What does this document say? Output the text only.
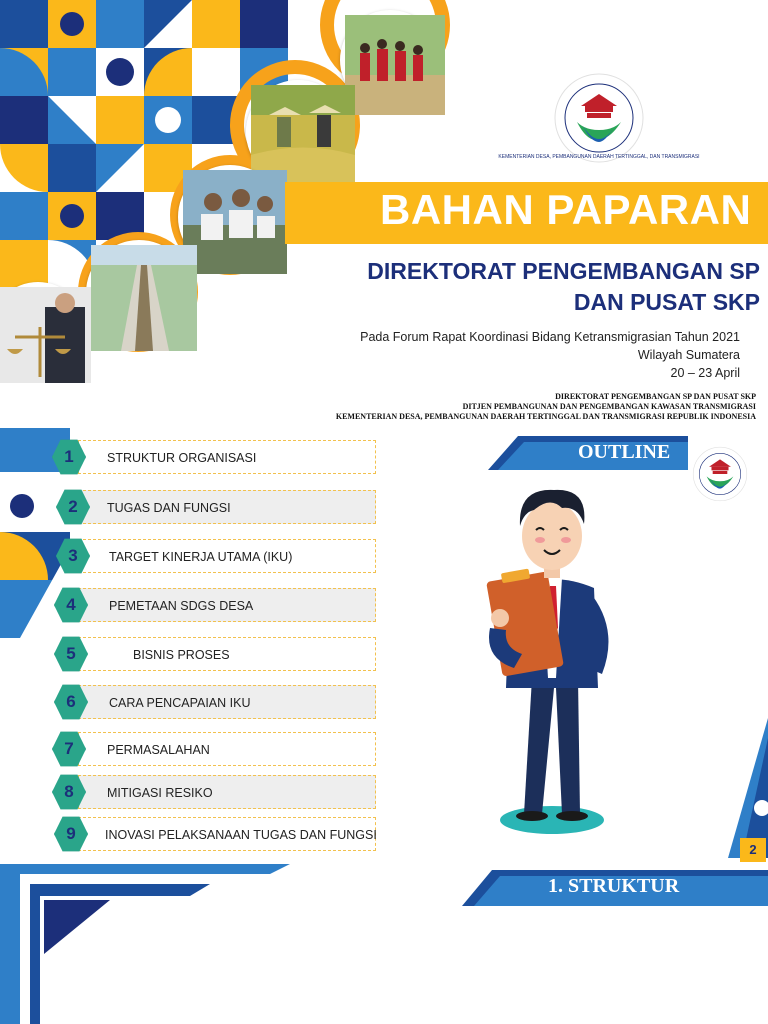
KEMENTERIAN DESA, PEMBANGUNAN DAERAH TERTINGGAL, DAN TRANSMIGRASI
BAHAN PAPARAN
DIREKTORAT PENGEMBANGAN SP
DAN PUSAT SKP
Pada Forum Rapat Koordinasi Bidang Ketransmigrasian Tahun 2021
Wilayah Sumatera
20 – 23 April
DIREKTORAT PENGEMBANGAN SP DAN PUSAT SKP
DITJEN PEMBANGUNAN DAN PENGEMBANGAN KAWASAN TRANSMIGRASI
KEMENTERIAN DESA, PEMBANGUNAN DAERAH TERTINGGAL DAN TRANSMIGRASI REPUBLIK INDONESIA
OUTLINE
STRUKTUR ORGANISASI
1
TUGAS DAN FUNGSI
2
TARGET KINERJA UTAMA (IKU)
3
PEMETAAN SDGS DESA
4
BISNIS PROSES
5
CARA PENCAPAIAN IKU
6
PERMASALAHAN
7
MITIGASI RESIKO
8
INOVASI PELAKSANAAN TUGAS DAN FUNGSI
9
2
1. STRUKTUR
